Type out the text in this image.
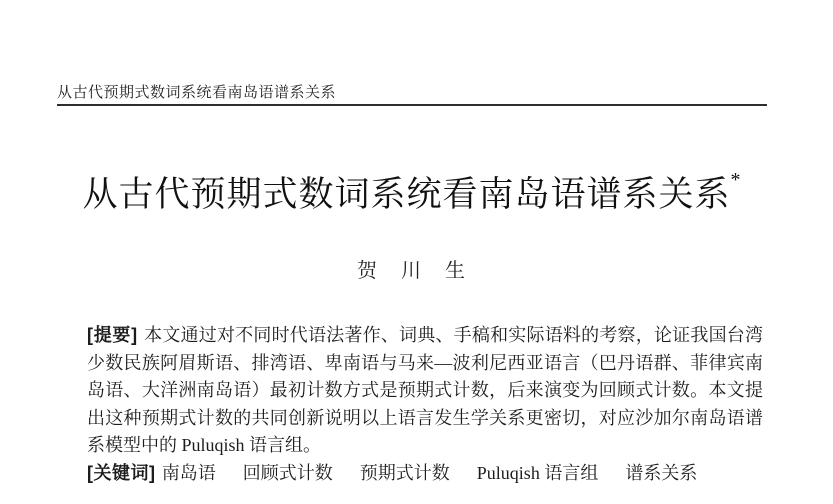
从古代预期式数词系统看南岛语谱系关系
从古代预期式数词系统看南岛语谱系关系*
贺　川　生

[提要] 本文通过对不同时代语法著作、词典、手稿和实际语料的考察，论证我国台湾少数民族阿眉斯语、排湾语、卑南语与马来—波利尼西亚语言（巴丹语群、菲律宾南岛语、大洋洲南岛语）最初计数方式是预期式计数，后来演变为回顾式计数。本文提出这种预期式计数的共同创新说明以上语言发生学关系更密切，对应沙加尔南岛语谱系模型中的 Puluqish 语言组。

[关键词] 南岛语 回顾式计数 预期式计数 Puluqish 语言组 谱系关系
